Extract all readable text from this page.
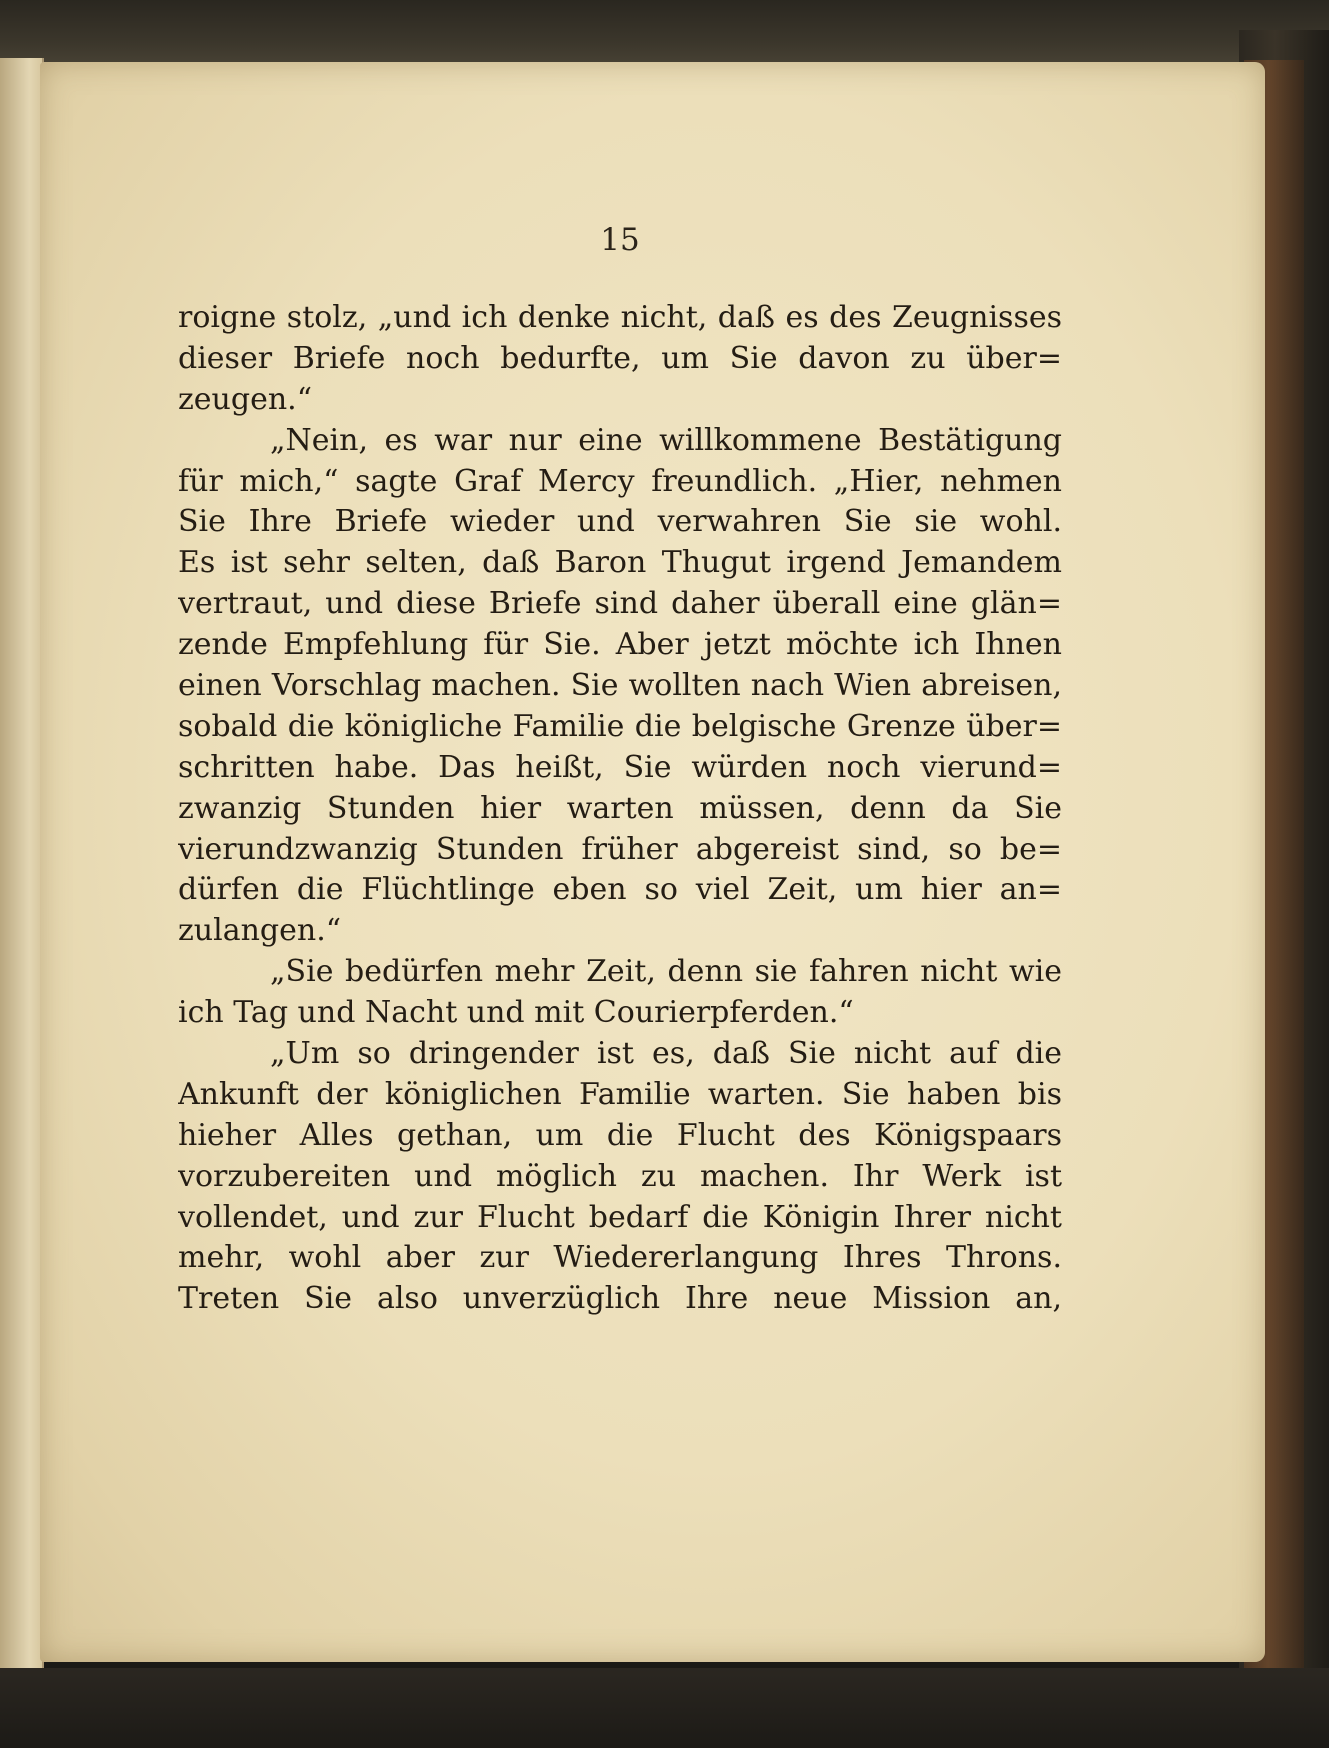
15

roigne stolz, „und ich denke nicht, daß es des Zeugnisses
dieser Briefe noch bedurfte, um Sie davon zu über=
zeugen.“
„Nein, es war nur eine willkommene Bestätigung
für mich,“ sagte Graf Mercy freundlich. „Hier, nehmen
Sie Ihre Briefe wieder und verwahren Sie sie wohl.
Es ist sehr selten, daß Baron Thugut irgend Jemandem
vertraut, und diese Briefe sind daher überall eine glän=
zende Empfehlung für Sie. Aber jetzt möchte ich Ihnen
einen Vorschlag machen. Sie wollten nach Wien abreisen,
sobald die königliche Familie die belgische Grenze über=
schritten habe. Das heißt, Sie würden noch vierund=
zwanzig Stunden hier warten müssen, denn da Sie
vierundzwanzig Stunden früher abgereist sind, so be=
dürfen die Flüchtlinge eben so viel Zeit, um hier an=
zulangen.“
„Sie bedürfen mehr Zeit, denn sie fahren nicht wie
ich Tag und Nacht und mit Courierpferden.“
„Um so dringender ist es, daß Sie nicht auf die
Ankunft der königlichen Familie warten. Sie haben bis
hieher Alles gethan, um die Flucht des Königspaars
vorzubereiten und möglich zu machen. Ihr Werk ist
vollendet, und zur Flucht bedarf die Königin Ihrer nicht
mehr, wohl aber zur Wiedererlangung Ihres Throns.
Treten Sie also unverzüglich Ihre neue Mission an,
